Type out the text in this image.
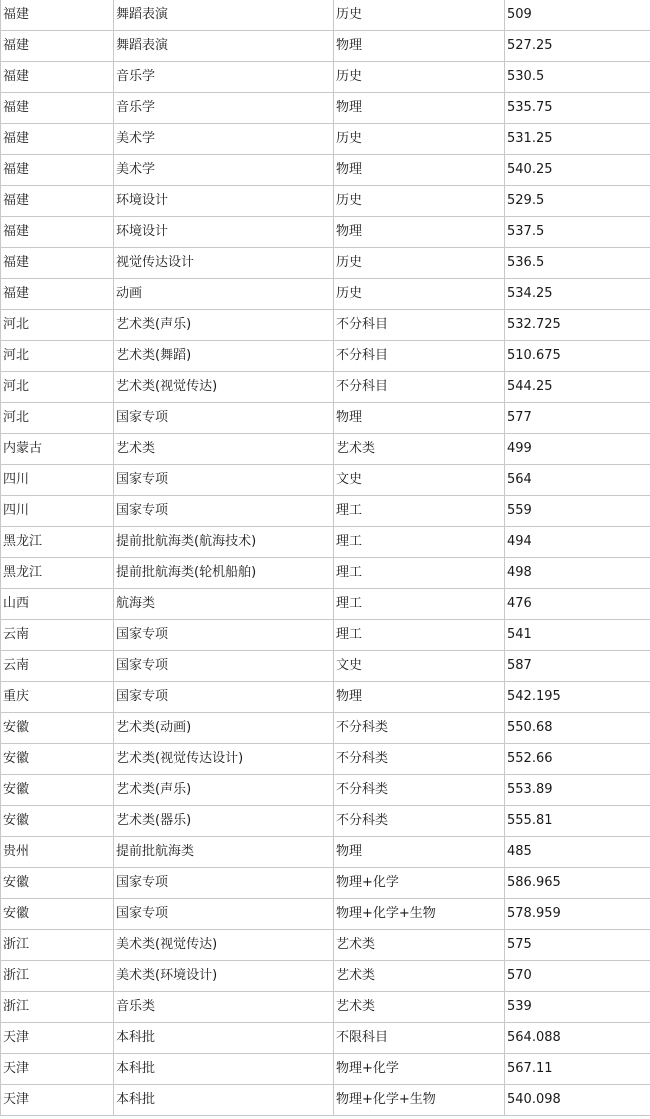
福建	舞蹈表演	历史	509
福建	舞蹈表演	物理	527.25
福建	音乐学	历史	530.5
福建	音乐学	物理	535.75
福建	美术学	历史	531.25
福建	美术学	物理	540.25
福建	环境设计	历史	529.5
福建	环境设计	物理	537.5
福建	视觉传达设计	历史	536.5
福建	动画	历史	534.25
河北	艺术类(声乐)	不分科目	532.725
河北	艺术类(舞蹈)	不分科目	510.675
河北	艺术类(视觉传达)	不分科目	544.25
河北	国家专项	物理	577
内蒙古	艺术类	艺术类	499
四川	国家专项	文史	564
四川	国家专项	理工	559
黑龙江	提前批航海类(航海技术)	理工	494
黑龙江	提前批航海类(轮机船舶)	理工	498
山西	航海类	理工	476
云南	国家专项	理工	541
云南	国家专项	文史	587
重庆	国家专项	物理	542.195
安徽	艺术类(动画)	不分科类	550.68
安徽	艺术类(视觉传达设计)	不分科类	552.66
安徽	艺术类(声乐)	不分科类	553.89
安徽	艺术类(器乐)	不分科类	555.81
贵州	提前批航海类	物理	485
安徽	国家专项	物理+化学	586.965
安徽	国家专项	物理+化学+生物	578.959
浙江	美术类(视觉传达)	艺术类	575
浙江	美术类(环境设计)	艺术类	570
浙江	音乐类	艺术类	539
天津	本科批	不限科目	564.088
天津	本科批	物理+化学	567.11
天津	本科批	物理+化学+生物	540.098
